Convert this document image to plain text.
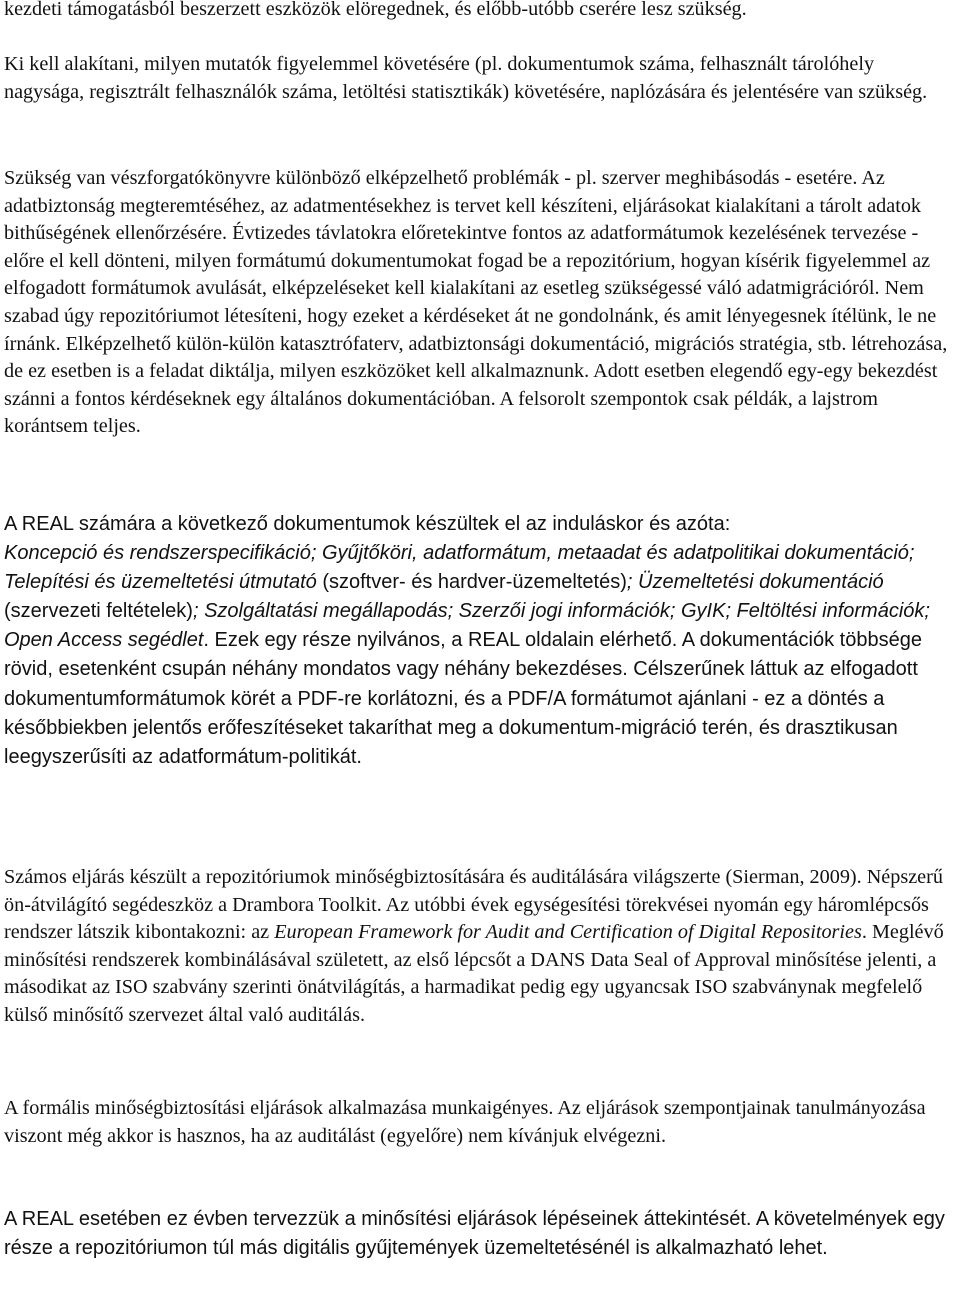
kezdeti támogatásból beszerzett eszközök elöregednek, és előbb-utóbb cserére lesz szükség.

Ki kell alakítani, milyen mutatók figyelemmel követésére (pl. dokumentumok száma, felhasznált tárolóhely nagysága, regisztrált felhasználók száma, letöltési statisztikák) követésére, naplózására és jelentésére van szükség.

Szükség van vészforgatókönyvre különböző elképzelhető problémák - pl. szerver meghibásodás - esetére. Az adatbiztonság megteremtéséhez, az adatmentésekhez is tervet kell készíteni, eljárásokat kialakítani a tárolt adatok bithűségének ellenőrzésére. Évtizedes távlatokra előretekintve fontos az adatformátumok kezelésének tervezése - előre el kell dönteni, milyen formátumú dokumentumokat fogad be a repozitórium, hogyan kísérik figyelemmel az elfogadott formátumok avulását, elképzeléseket kell kialakítani az esetleg szükségessé váló adatmigrációról. Nem szabad úgy repozitóriumot létesíteni, hogy ezeket a kérdéseket át ne gondolnánk, és amit lényegesnek ítélünk, le ne írnánk. Elképzelhető külön-külön katasztrófaterv, adatbiztonsági dokumentáció, migrációs stratégia, stb. létrehozása, de ez esetben is a feladat diktálja, milyen eszközöket kell alkalmaznunk. Adott esetben elegendő egy-egy bekezdést szánni a fontos kérdéseknek egy általános dokumentációban. A felsorolt szempontok csak példák, a lajstrom korántsem teljes.

A REAL számára a következő dokumentumok készültek el az induláskor és azóta:
Koncepció és rendszerspecifikáció; Gyűjtőköri, adatformátum, metaadat és adatpolitikai dokumentáció; Telepítési és üzemeltetési útmutató (szoftver- és hardver-üzemeltetés); Üzemeltetési dokumentáció (szervezeti feltételek); Szolgáltatási megállapodás; Szerzői jogi információk; GyIK; Feltöltési információk; Open Access segédlet. Ezek egy része nyilvános, a REAL oldalain elérhető. A dokumentációk többsége rövid, esetenként csupán néhány mondatos vagy néhány bekezdéses. Célszerűnek láttuk az elfogadott dokumentumformátumok körét a PDF-re korlátozni, és a PDF/A formátumot ajánlani - ez a döntés a későbbiekben jelentős erőfeszítéseket takaríthat meg a dokumentum-migráció terén, és drasztikusan leegyszerűsíti az adatformátum-politikát.

Számos eljárás készült a repozitóriumok minőségbiztosítására és auditálására világszerte (Sierman, 2009). Népszerű ön-átvilágító segédeszköz a Drambora Toolkit. Az utóbbi évek egységesítési törekvései nyomán egy háromlépcsős rendszer látszik kibontakozni: az European Framework for Audit and Certification of Digital Repositories. Meglévő minősítési rendszerek kombinálásával született, az első lépcsőt a DANS Data Seal of Approval minősítése jelenti, a másodikat az ISO szabvány szerinti önátvilágítás, a harmadikat pedig egy ugyancsak ISO szabványnak megfelelő külső minősítő szervezet által való auditálás.

A formális minőségbiztosítási eljárások alkalmazása munkaigényes. Az eljárások szempontjainak tanulmányozása viszont még akkor is hasznos, ha az auditálást (egyelőre) nem kívánjuk elvégezni.

A REAL esetében ez évben tervezzük a minősítési eljárások lépéseinek áttekintését. A követelmények egy része a repozitóriumon túl más digitális gyűjtemények üzemeltetésénél is alkalmazható lehet.
